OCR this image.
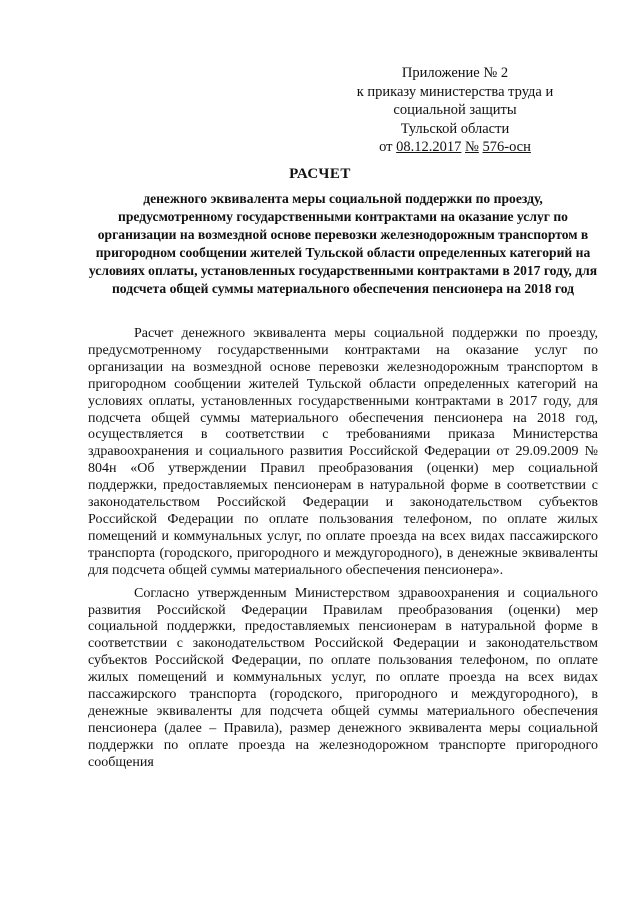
Приложение № 2
к приказу министерства труда и
социальной защиты
Тульской области
от 08.12.2017 № 576-осн
РАСЧЕТ
денежного эквивалента меры социальной поддержки по проезду, предусмотренному государственными контрактами на оказание услуг по организации на возмездной основе перевозки железнодорожным транспортом в пригородном сообщении жителей Тульской области определенных категорий на условиях оплаты, установленных государственными контрактами в 2017 году, для подсчета общей суммы материального обеспечения пенсионера на 2018 год

Расчет денежного эквивалента меры социальной поддержки по проезду, предусмотренному государственными контрактами на оказание услуг по организации на возмездной основе перевозки железнодорожным транспортом в пригородном сообщении жителей Тульской области определенных категорий на условиях оплаты, установленных государственными контрактами в 2017 году, для подсчета общей суммы материального обеспечения пенсионера на 2018 год, осуществляется в соответствии с требованиями приказа Министерства здравоохранения и социального развития Российской Федерации от 29.09.2009 № 804н «Об утверждении Правил преобразования (оценки) мер социальной поддержки, предоставляемых пенсионерам в натуральной форме в соответствии с законодательством Российской Федерации и законодательством субъектов Российской Федерации по оплате пользования телефоном, по оплате жилых помещений и коммунальных услуг, по оплате проезда на всех видах пассажирского транспорта (городского, пригородного и междугородного), в денежные эквиваленты для подсчета общей суммы материального обеспечения пенсионера».

Согласно утвержденным Министерством здравоохранения и социального развития Российской Федерации Правилам преобразования (оценки) мер социальной поддержки, предоставляемых пенсионерам в натуральной форме в соответствии с законодательством Российской Федерации и законодательством субъектов Российской Федерации, по оплате пользования телефоном, по оплате жилых помещений и коммунальных услуг, по оплате проезда на всех видах пассажирского транспорта (городского, пригородного и междугородного), в денежные эквиваленты для подсчета общей суммы материального обеспечения пенсионера (далее – Правила), размер денежного эквивалента меры социальной поддержки по оплате проезда на железнодорожном транспорте пригородного сообщения
